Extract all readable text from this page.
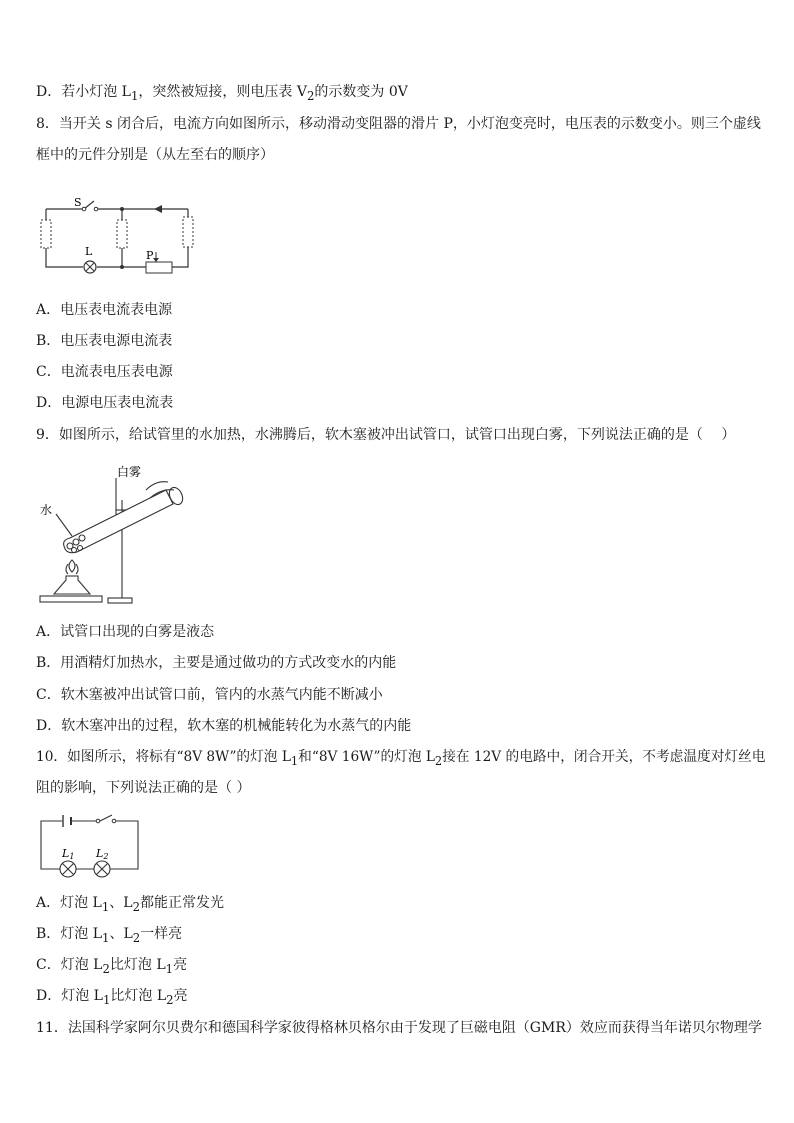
D．若小灯泡 $L_1$，突然被短接，则电压表 $V_2$的示数变为 0V
8．当开关 s 闭合后，电流方向如图所示，移动滑动变阻器的滑片 P，小灯泡变亮时，电压表的示数变小。则三个虚线
框中的元件分别是（从左至右的顺序）
S
L	P
A．电压表电流表电源
B．电压表电源电流表
C．电流表电压表电源
D．电源电压表电流表
9．如图所示，给试管里的水加热，水沸腾后，软木塞被冲出试管口，试管口出现白雾，下列说法正确的是（　 ）
白雾
水
A．试管口出现的白雾是液态
B．用酒精灯加热水，主要是通过做功的方式改变水的内能
C．软木塞被冲出试管口前，管内的水蒸气内能不断减小
D．软木塞冲出的过程，软木塞的机械能转化为水蒸气的内能
10．如图所示，将标有“8V 8W”的灯泡 $L_1$和“8V 16W”的灯泡 $L_2$接在 12V 的电路中，闭合开关，不考虑温度对灯丝电
阻的影响，下列说法正确的是（ ）
L1 L2
A．灯泡 $L_1$、$L_2$都能正常发光
B．灯泡 $L_1$、$L_2$一样亮
C．灯泡 $L_2$比灯泡 $L_1$亮
D．灯泡 $L_1$比灯泡 $L_2$亮
11．法国科学家阿尔贝费尔和德国科学家彼得格林贝格尔由于发现了巨磁电阻（GMR）效应而获得当年诺贝尔物理学
